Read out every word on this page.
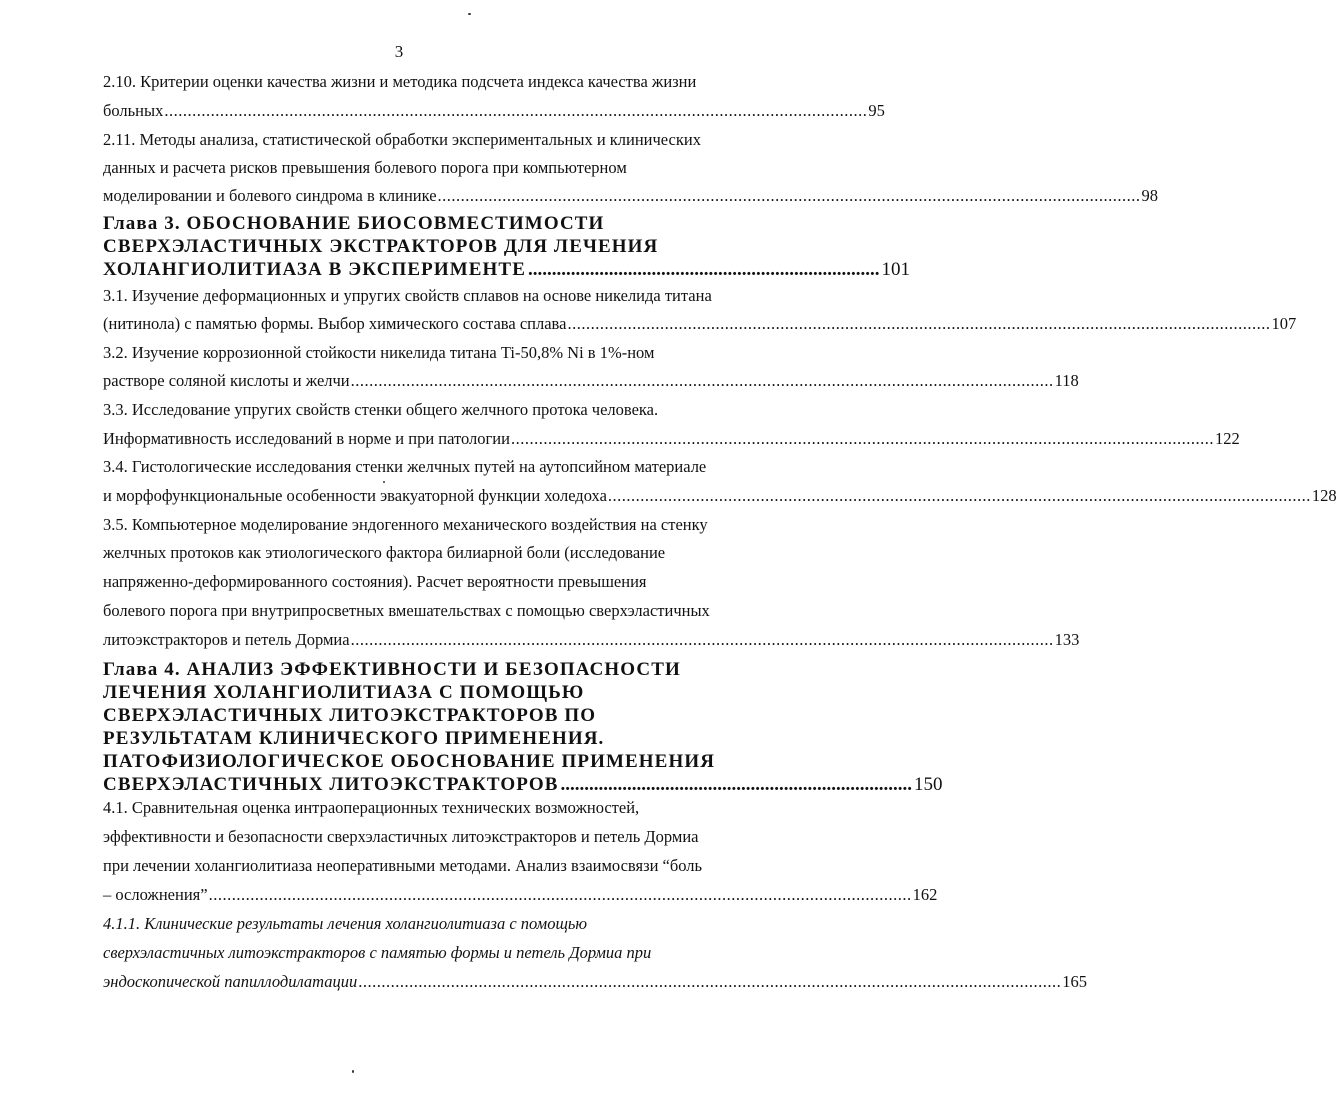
3
2.10. Критерии оценки качества жизни и методика подсчета индекса качества жизни
больных ........................................................................................................................................................ 95
2.11. Методы анализа, статистической обработки экспериментальных и клинических
данных и расчета рисков превышения болевого порога при компьютерном
моделировании и болевого синдрома в клинике ........................................................................................................................................................ 98
Глава 3. ОБОСНОВАНИЕ БИОСОВМЕСТИМОСТИ
СВЕРХЭЛАСТИЧНЫХ ЭКСТРАКТОРОВ ДЛЯ ЛЕЧЕНИЯ
ХОЛАНГИОЛИТИАЗА В ЭКСПЕРИМЕНТЕ .......................................................................... 101
3.1. Изучение деформационных и упругих свойств сплавов на основе никелида титана
(нитинола) с памятью формы. Выбор химического состава сплава ........................................................................................................................................................ 107
3.2. Изучение коррозионной стойкости никелида титана Ti-50,8% Ni в 1%-ном
растворе соляной кислоты и желчи ........................................................................................................................................................ 118
3.3. Исследование упругих свойств стенки общего желчного протока человека.
Информативность исследований в норме и при патологии ........................................................................................................................................................ 122
3.4. Гистологические исследования стенки желчных путей на аутопсийном материале
и морфофункциональные особенности эвакуаторной функции холедоха ........................................................................................................................................................ 128
3.5. Компьютерное моделирование эндогенного механического воздействия на стенку
желчных протоков как этиологического фактора билиарной боли (исследование
напряженно-деформированного состояния). Расчет вероятности превышения
болевого порога при внутрипросветных вмешательствах с помощью сверхэластичных
литоэкстракторов и петель Дормиа ........................................................................................................................................................ 133
Глава 4. АНАЛИЗ ЭФФЕКТИВНОСТИ И БЕЗОПАСНОСТИ
ЛЕЧЕНИЯ ХОЛАНГИОЛИТИАЗА С ПОМОЩЬЮ
СВЕРХЭЛАСТИЧНЫХ ЛИТОЭКСТРАКТОРОВ ПО
РЕЗУЛЬТАТАМ КЛИНИЧЕСКОГО ПРИМЕНЕНИЯ.
ПАТОФИЗИОЛОГИЧЕСКОЕ ОБОСНОВАНИЕ ПРИМЕНЕНИЯ
СВЕРХЭЛАСТИЧНЫХ ЛИТОЭКСТРАКТОРОВ .......................................................................... 150
4.1. Сравнительная оценка интраоперационных технических возможностей,
эффективности и безопасности сверхэластичных литоэкстракторов и петель Дормиа
при лечении холангиолитиаза неоперативными методами. Анализ взаимосвязи “боль
– осложнения” ........................................................................................................................................................ 162
4.1.1. Клинические результаты лечения холангиолитиаза с помощью
сверхэластичных литоэкстракторов с памятью формы и петель Дормиа при
эндоскопической папиллодилатации ........................................................................................................................................................ 165
